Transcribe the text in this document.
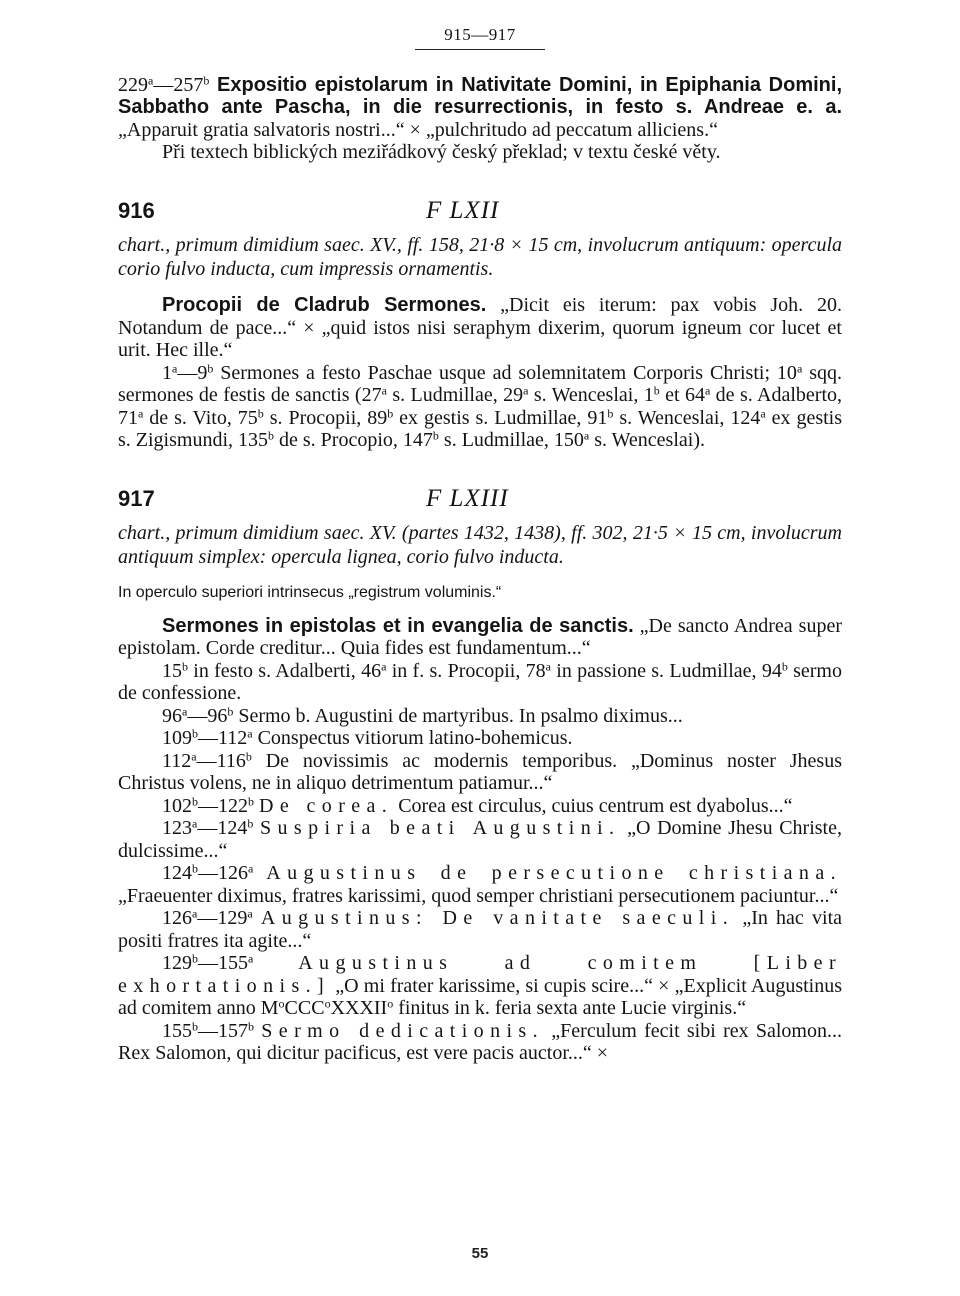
915—917

229$^a$—257$^b$ Expositio epistolarum in Nativitate Domini, in Epiphania Domini, Sabbatho ante Pascha, in die resurrectionis, in festo s. Andreae e. a. „Apparuit gratia salvatoris nostri...“ × „pulchritudo ad peccatum alliciens.“

Při textech biblických meziřádkový český překlad; v textu české věty.

916	F LXII

chart., primum dimidium saec. XV., ff. 158, 21·8 × 15 cm, involucrum antiquum: opercula corio fulvo inducta, cum impressis ornamentis.

Procopii de Cladrub Sermones. „Dicit eis iterum: pax vobis Joh. 20. Notandum de pace...“ × „quid istos nisi seraphym dixerim, quorum igneum cor lucet et urit. Hec ille.“

1$^a$—9$^b$ Sermones a festo Paschae usque ad solemnitatem Corporis Christi; 10$^a$ sqq. sermones de festis de sanctis (27$^a$ s. Ludmillae, 29$^a$ s. Wenceslai, 1$^b$ et 64$^a$ de s. Adalberto, 71$^a$ de s. Vito, 75$^b$ s. Procopii, 89$^b$ ex gestis s. Ludmillae, 91$^b$ s. Wenceslai, 124$^a$ ex gestis s. Zigismundi, 135$^b$ de s. Procopio, 147$^b$ s. Ludmillae, 150$^a$ s. Wenceslai).

917	F LXIII

chart., primum dimidium saec. XV. (partes 1432, 1438), ff. 302, 21·5 × 15 cm, involucrum antiquum simplex: opercula lignea, corio fulvo inducta.

In operculo superiori intrinsecus „registrum voluminis.“

Sermones in epistolas et in evangelia de sanctis. „De sancto Andrea super epistolam. Corde creditur... Quia fides est fundamentum...“

15$^b$ in festo s. Adalberti, 46$^a$ in f. s. Procopii, 78$^a$ in passione s. Ludmillae, 94$^b$ sermo de confessione.

96$^a$—96$^b$ Sermo b. Augustini de martyribus. In psalmo diximus...

109$^b$—112$^a$ Conspectus vitiorum latino-bohemicus.

112$^a$—116$^b$ De novissimis ac modernis temporibus. „Dominus noster Jhesus Christus volens, ne in aliquo detrimentum patiamur...“

102$^b$—122$^b$ De corea. Corea est circulus, cuius centrum est dyabolus...“

123$^a$—124$^b$ Suspiria beati Augustini. „O Domine Jhesu Christe, dulcissime...“

124$^b$—126$^a$ Augustinus de persecutione christiana. „Fraeuenter diximus, fratres karissimi, quod semper christiani persecutionem paciuntur...“

126$^a$—129$^a$ Augustinus: De vanitate saeculi. „In hac vita positi fratres ita agite...“

129$^b$—155$^a$ Augustinus ad comitem [Liber exhortationis.] „O mi frater karissime, si cupis scire...“ × „Explicit Augustinus ad comitem anno $M^oCCC^oXXXII^o$ finitus in k. feria sexta ante Lucie virginis.“

155$^b$—157$^b$ Sermo dedicationis. „Ferculum fecit sibi rex Salomon... Rex Salomon, qui dicitur pacificus, est vere pacis auctor...“ ×

55
